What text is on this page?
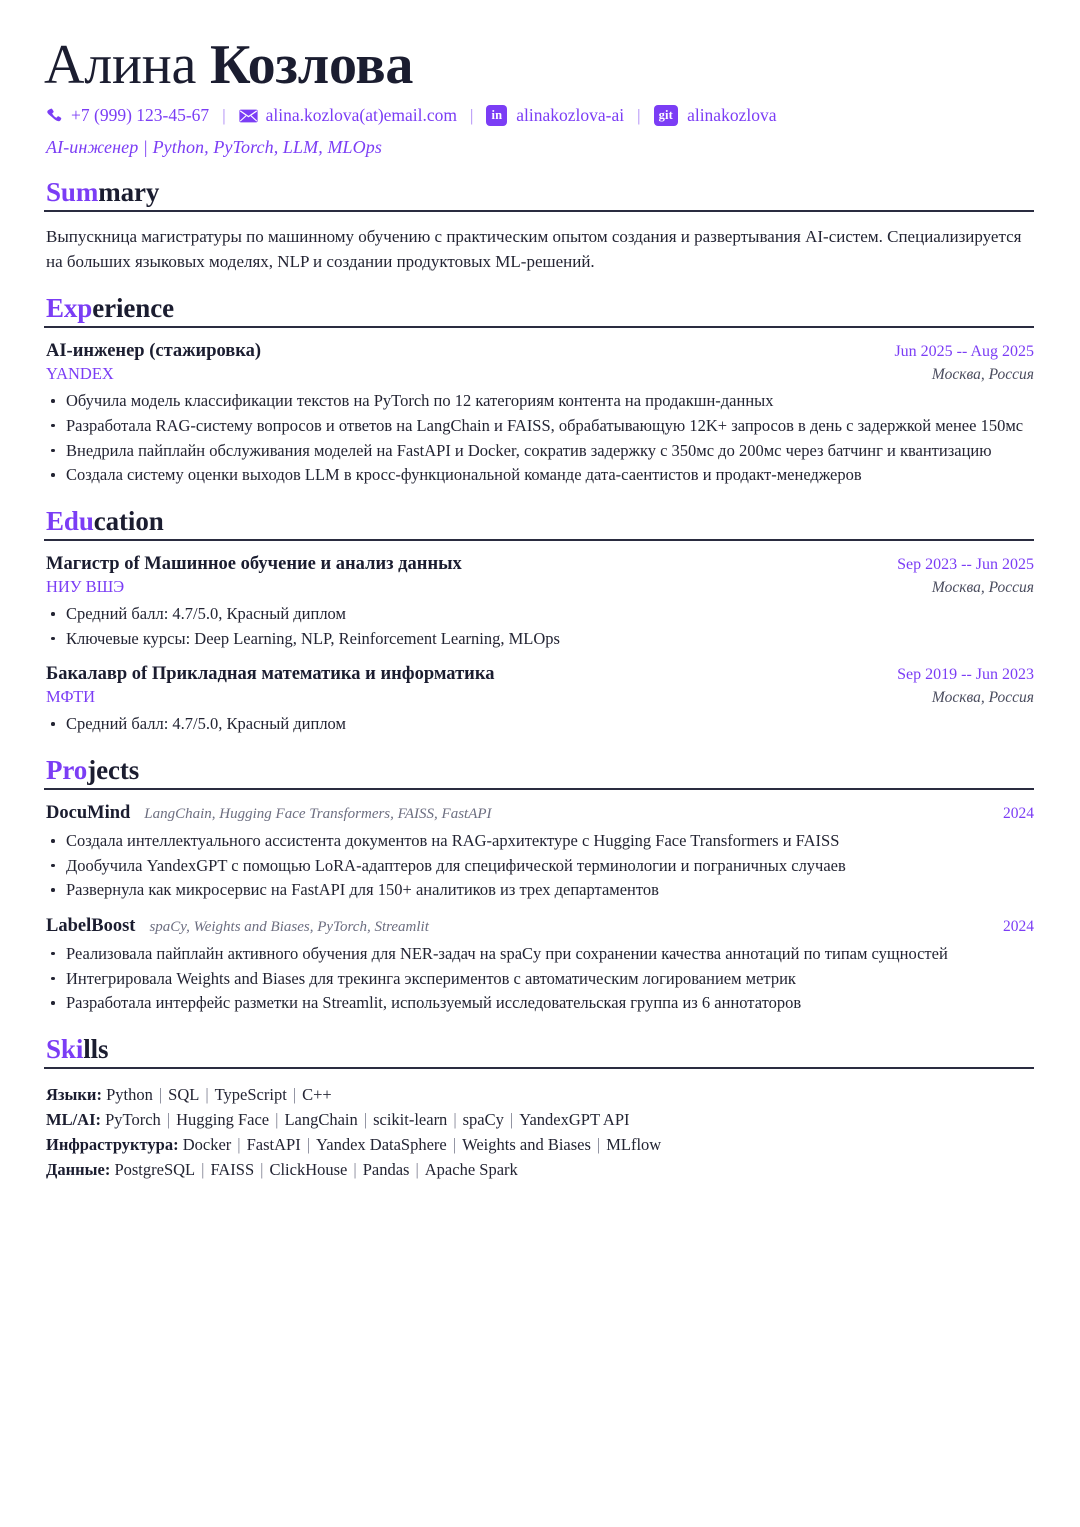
Алина Козлова
+7 (999) 123-45-67 | alina.kozlova(at)email.com |	in alinakozlova-ai |	git alinakozlova
AI-инженер | Python, PyTorch, LLM, MLOps
Summary

Выпускница магистратуры по машинному обучению с практическим опытом создания и развертывания AI-систем. Специализируется на больших языковых моделях, NLP и создании продуктовых ML-решений.

Experience
AI-инженер (стажировка)	Jun 2025 -- Aug 2025
YANDEX	Москва, Россия
Обучила модель классификации текстов на PyTorch по 12 категориям контента на продакшн-данных
Разработала RAG-систему вопросов и ответов на LangChain и FAISS, обрабатывающую 12K+ запросов в день с задержкой менее 150мс
Внедрила пайплайн обслуживания моделей на FastAPI и Docker, сократив задержку с 350мс до 200мс через батчинг и квантизацию
Создала систему оценки выходов LLM в кросс-функциональной команде дата-саентистов и продакт-менеджеров
Education
Магистр of Машинное обучение и анализ данных	Sep 2023 -- Jun 2025
НИУ ВШЭ	Москва, Россия
Средний балл: 4.7/5.0, Красный диплом
Ключевые курсы: Deep Learning, NLP, Reinforcement Learning, MLOps
Бакалавр of Прикладная математика и информатика	Sep 2019 -- Jun 2023
МФТИ	Москва, Россия
Средний балл: 4.7/5.0, Красный диплом
Projects
DocuMind LangChain, Hugging Face Transformers, FAISS, FastAPI	2024
Создала интеллектуального ассистента документов на RAG-архитектуре с Hugging Face Transformers и FAISS
Дообучила YandexGPT с помощью LoRA-адаптеров для специфической терминологии и пограничных случаев
Развернула как микросервис на FastAPI для 150+ аналитиков из трех департаментов
LabelBoost spaCy, Weights and Biases, PyTorch, Streamlit	2024
Реализовала пайплайн активного обучения для NER-задач на spaCy при сохранении качества аннотаций по типам сущностей
Интегрировала Weights and Biases для трекинга экспериментов с автоматическим логированием метрик
Разработала интерфейс разметки на Streamlit, используемый исследовательская группа из 6 аннотаторов
Skills
Языки: Python | SQL | TypeScript | C++
ML/AI: PyTorch | Hugging Face | LangChain | scikit-learn | spaCy | YandexGPT API
Инфраструктура: Docker | FastAPI | Yandex DataSphere | Weights and Biases | MLflow
Данные: PostgreSQL | FAISS | ClickHouse | Pandas | Apache Spark
